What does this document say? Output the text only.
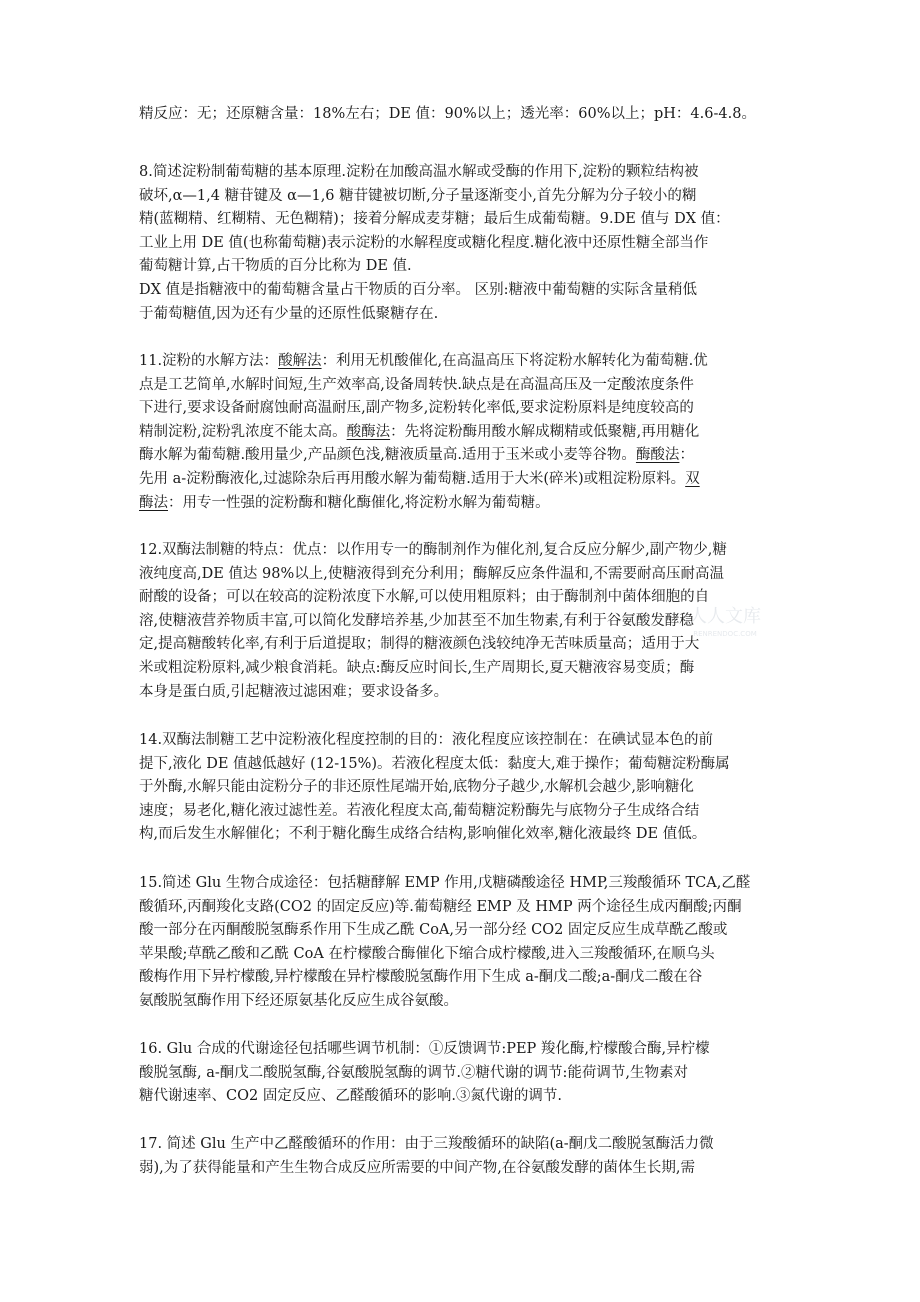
精反应：无；还原糖含量：18%左右；DE 值：90%以上；透光率：60%以上；pH：4.6-4.8。
8.简述淀粉制葡萄糖的基本原理.淀粉在加酸高温水解或受酶的作用下,淀粉的颗粒结构被
破坏,α—1,4 糖苷键及 α—1,6 糖苷键被切断,分子量逐渐变小,首先分解为分子较小的糊
精(蓝糊精、红糊精、无色糊精)；接着分解成麦芽糖；最后生成葡萄糖。9.DE 值与 DX 值：
工业上用 DE 值(也称葡萄糖)表示淀粉的水解程度或糖化程度.糖化液中还原性糖全部当作
葡萄糖计算,占干物质的百分比称为 DE 值.
DX 值是指糖液中的葡萄糖含量占干物质的百分率。 区别:糖液中葡萄糖的实际含量稍低
于葡萄糖值,因为还有少量的还原性低聚糖存在.
11.淀粉的水解方法：酸解法：利用无机酸催化,在高温高压下将淀粉水解转化为葡萄糖.优
点是工艺简单,水解时间短,生产效率高,设备周转快.缺点是在高温高压及一定酸浓度条件
下进行,要求设备耐腐蚀耐高温耐压,副产物多,淀粉转化率低,要求淀粉原料是纯度较高的
精制淀粉,淀粉乳浓度不能太高。酸酶法：先将淀粉酶用酸水解成糊精或低聚糖,再用糖化
酶水解为葡萄糖.酸用量少,产品颜色浅,糖液质量高.适用于玉米或小麦等谷物。酶酸法：
先用 a-淀粉酶液化,过滤除杂后再用酸水解为葡萄糖.适用于大米(碎米)或粗淀粉原料。双
酶法：用专一性强的淀粉酶和糖化酶催化,将淀粉水解为葡萄糖。
12.双酶法制糖的特点：优点：以作用专一的酶制剂作为催化剂,复合反应分解少,副产物少,糖
液纯度高,DE 值达 98%以上,使糖液得到充分利用；酶解反应条件温和,不需要耐高压耐高温
耐酸的设备；可以在较高的淀粉浓度下水解,可以使用粗原料；由于酶制剂中菌体细胞的自
溶,使糖液营养物质丰富,可以简化发酵培养基,少加甚至不加生物素,有利于谷氨酸发酵稳
定,提高糖酸转化率,有利于后道提取；制得的糖液颜色浅较纯净无苦味质量高；适用于大
米或粗淀粉原料,减少粮食消耗。缺点:酶反应时间长,生产周期长,夏天糖液容易变质；酶
本身是蛋白质,引起糖液过滤困难；要求设备多。
14.双酶法制糖工艺中淀粉液化程度控制的目的：液化程度应该控制在：在碘试显本色的前
提下,液化 DE 值越低越好 (12-15%)。若液化程度太低：黏度大,难于操作；葡萄糖淀粉酶属
于外酶,水解只能由淀粉分子的非还原性尾端开始,底物分子越少,水解机会越少,影响糖化
速度；易老化,糖化液过滤性差。若液化程度太高,葡萄糖淀粉酶先与底物分子生成络合结
构,而后发生水解催化；不利于糖化酶生成络合结构,影响催化效率,糖化液最终 DE 值低。
15.简述 Glu 生物合成途径：包括糖酵解 EMP 作用,戊糖磷酸途径 HMP,三羧酸循环 TCA,乙醛
酸循环,丙酮羧化支路(CO2 的固定反应)等.葡萄糖经 EMP 及 HMP 两个途径生成丙酮酸;丙酮
酸一部分在丙酮酸脱氢酶系作用下生成乙酰 CoA,另一部分经 CO2 固定反应生成草酰乙酸或
苹果酸;草酰乙酸和乙酰 CoA 在柠檬酸合酶催化下缩合成柠檬酸,进入三羧酸循环,在顺乌头
酸梅作用下异柠檬酸,异柠檬酸在异柠檬酸脱氢酶作用下生成 a-酮戊二酸;a-酮戊二酸在谷
氨酸脱氢酶作用下经还原氨基化反应生成谷氨酸。
16. Glu 合成的代谢途径包括哪些调节机制：①反馈调节:PEP 羧化酶,柠檬酸合酶,异柠檬
酸脱氢酶, a-酮戊二酸脱氢酶,谷氨酸脱氢酶的调节.②糖代谢的调节:能荷调节,生物素对
糖代谢速率、CO2 固定反应、乙醛酸循环的影响.③氮代谢的调节.
17. 简述 Glu 生产中乙醛酸循环的作用：由于三羧酸循环的缺陷(a-酮戊二酸脱氢酶活力微
弱),为了获得能量和产生生物合成反应所需要的中间产物,在谷氨酸发酵的菌体生长期,需
人人文库
RENRENDOC.COM
